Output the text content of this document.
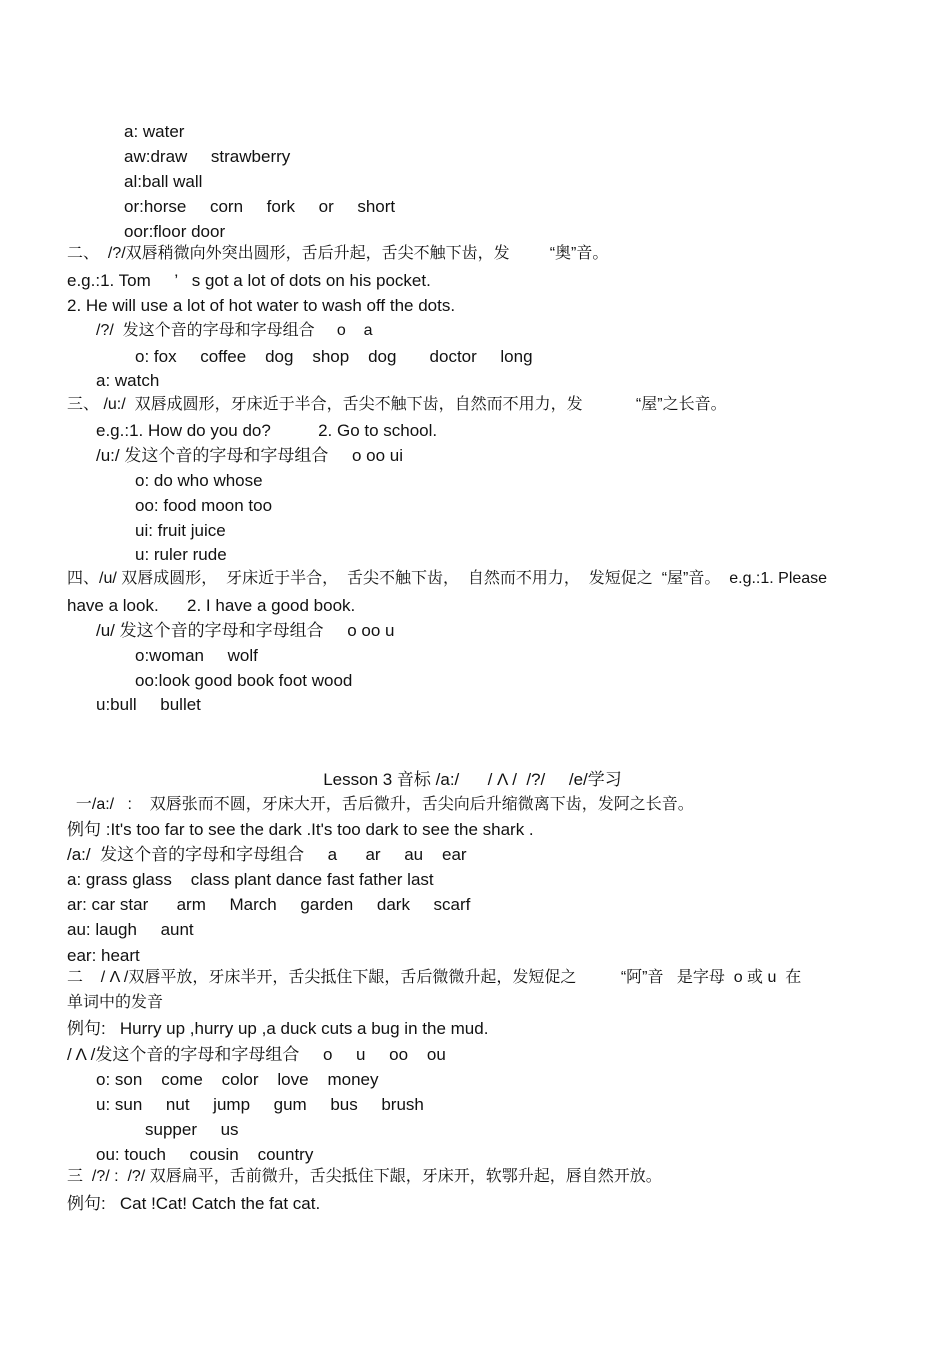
a: water
aw:draw     strawberry
al:ball wall
or:horse     corn     fork     or     short
oor:floor door
二、  /?/双唇稍微向外突出圆形，舌后升起，舌尖不触下齿，发         “奥”音。
e.g.:1. Tom     ’   s got a lot of dots on his pocket.
2. He will use a lot of hot water to wash off the dots.
/?/  发这个音的字母和字母组合     o    a
o: fox     coffee    dog    shop    dog       doctor     long
a: watch
三、 /u:/  双唇成圆形，牙床近于半合，舌尖不触下齿，自然而不用力，发            “屋”之长音。
e.g.:1. How do you do?          2. Go to school.
/u:/ 发这个音的字母和字母组合     o oo ui
o: do who whose
oo: food moon too
ui: fruit juice
u: ruler rude
四、/u/ 双唇成圆形，  牙床近于半合，  舌尖不触下齿，  自然而不用力，  发短促之  “屋”音。  e.g.:1. Please
have a look.      2. I have a good book.
/u/ 发这个音的字母和字母组合     o oo u
o:woman     wolf
oo:look good book foot wood
u:bull     bullet
Lesson 3 音标 /a:/      / Λ /  /?/     /e/学习
一/a:/   :    双唇张而不圆，牙床大开，舌后微升，舌尖向后升缩微离下齿，发阿之长音。
例句 :It's too far to see the dark .It's too dark to see the shark .
/a:/  发这个音的字母和字母组合     a      ar     au    ear
a: grass glass    class plant dance fast father last
ar: car star      arm     March     garden     dark     scarf
au: laugh     aunt
ear: heart
二    / Λ /双唇平放，牙床半开，舌尖抵住下龈，舌后微微升起，发短促之          “阿”音   是字母  o 或 u  在
单词中的发音
例句:   Hurry up ,hurry up ,a duck cuts a bug in the mud.
/ Λ /发这个音的字母和字母组合     o     u     oo    ou
o: son    come    color    love    money
u: sun     nut     jump     gum     bus     brush
supper     us
ou: touch     cousin    country
三  /?/ :  /?/ 双唇扁平，舌前微升，舌尖抵住下龈，牙床开，软鄂升起，唇自然开放。
例句:   Cat !Cat! Catch the fat cat.
